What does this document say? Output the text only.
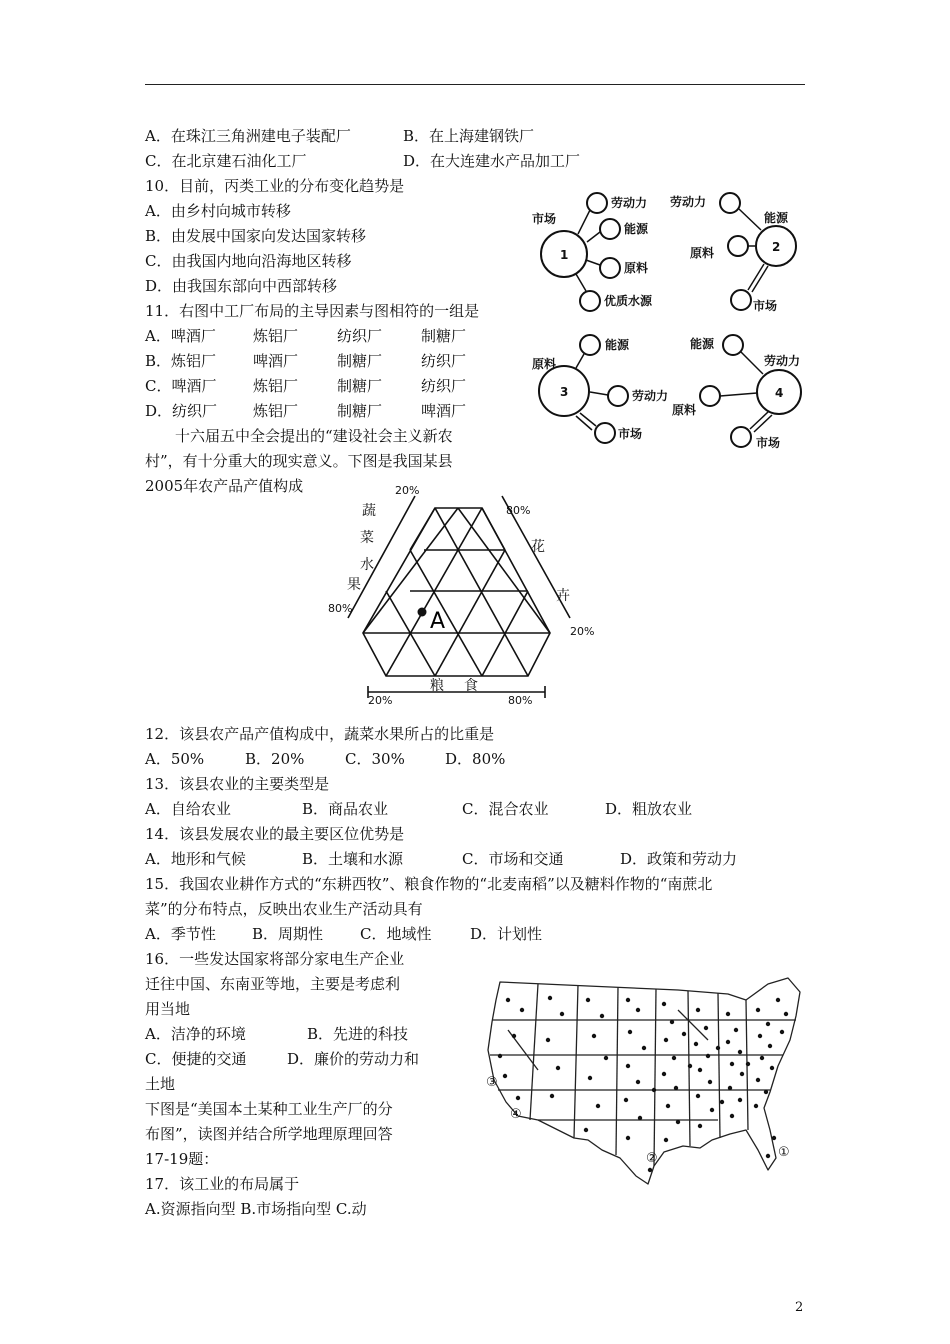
A．在珠江三角洲建电子装配厂	B．在上海建钢铁厂
C．在北京建石油化工厂	D．在大连建水产品加工厂
10．目前，丙类工业的分布变化趋势是
A．由乡村向城市转移
B．由发展中国家向发达国家转移
C．由我国内地向沿海地区转移
D．由我国东部向中西部转移
11．右图中工厂布局的主导因素与图相符的一组是
A．啤酒厂 炼铝厂	纺织厂	制糖厂
B．炼铝厂 啤酒厂	制糖厂	纺织厂
C．啤酒厂 炼铝厂	制糖厂	纺织厂
D．纺织厂 炼铝厂	制糖厂	啤酒厂
1
劳动力
能源
原料
优质水源
市场
2
劳动力
能源
原料
市场
3
能源
原料
劳动力
市场
4
能源
劳动力
原料
市场
十六届五中全会提出的“建设社会主义新农
村”，有十分重大的现实意义。下图是我国某县
2005年农产品产值构成
A
20%
80%
80%
20%
20%	80%
蔬
菜
水
果
花
卉
粮 食
12．该县农产品产值构成中，蔬菜水果所占的比重是
A．50%	B．20%	C．30%	D．80%
13．该县农业的主要类型是
A．自给农业	B．商品农业	C．混合农业	D．粗放农业
14．该县发展农业的最主要区位优势是
A．地形和气候	B．土壤和水源	C．市场和交通	D．政策和劳动力
15．我国农业耕作方式的“东耕西牧”、粮食作物的“北麦南稻”以及糖料作物的“南蔗北
菜”的分布特点，反映出农业生产活动具有
A．季节性 B．周期性 C．地域性	D．计划性
16．一些发达国家将部分家电生产企业
迁往中国、东南亚等地，主要是考虑利
用当地
A．洁净的环境	B．先进的科技
C．便捷的交通	D．廉价的劳动力和
土地
下图是“美国本土某种工业生产厂的分
布图”，读图并结合所学地理原理回答
17-19题：
17．该工业的布局属于
A.资源指向型 B.市场指向型 C.动
①
②
③
④
2
